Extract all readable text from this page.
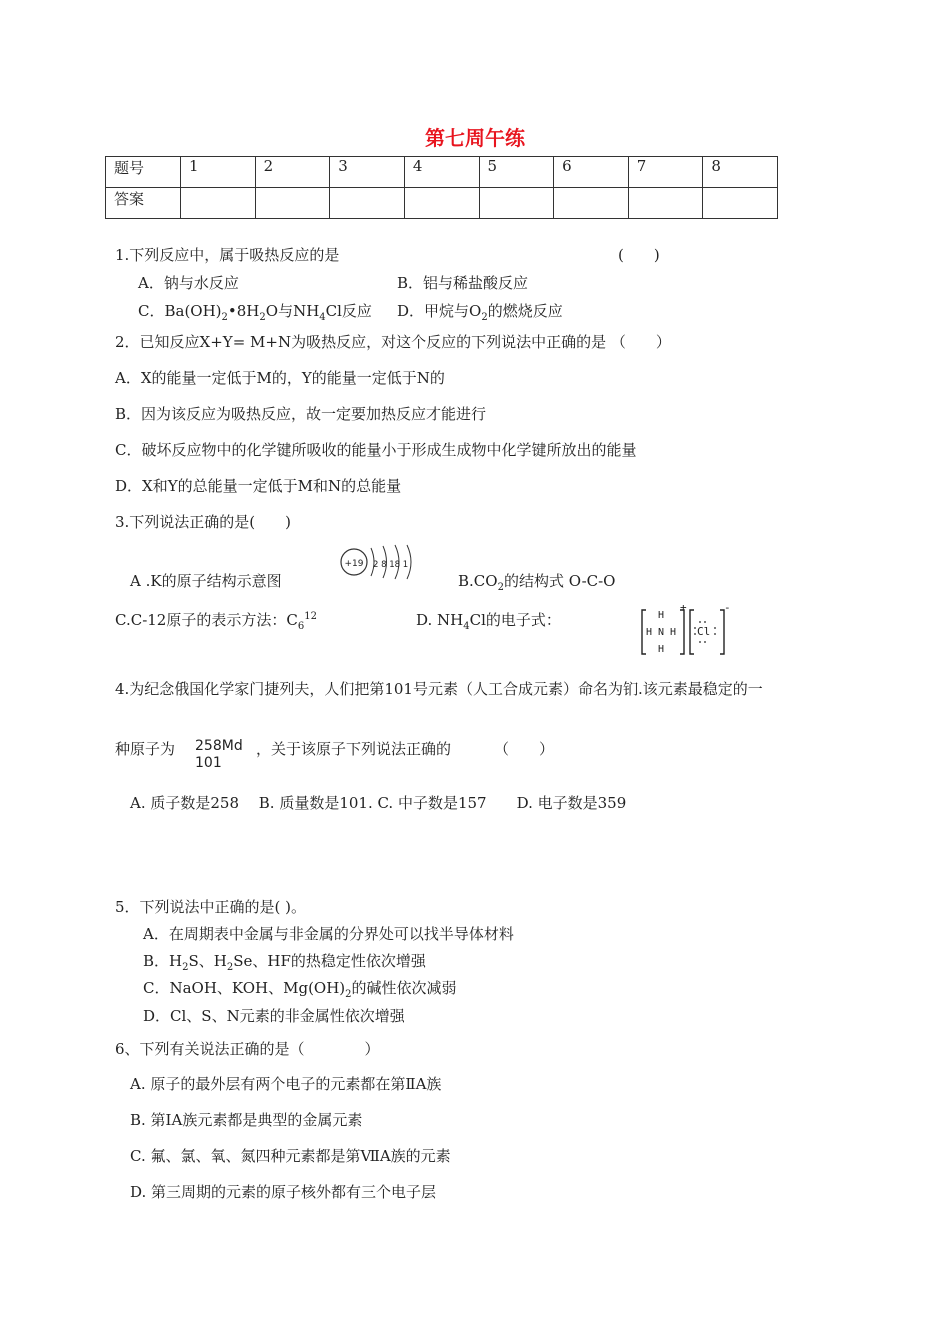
第七周午练
题号	1	2	3	4	5	6	7	8
答案								
1.下列反应中，属于吸热反应的是	(　　)
A．钠与水反应	B．铝与稀盐酸反应
C．$Ba(OH)_2•8H_2O$与$NH_4Cl$反应 D．甲烷与$O_2$的燃烧反应
2．已知反应X+Y= M+N为吸热反应，对这个反应的下列说法中正确的是 （　　）
A．X的能量一定低于M的，Y的能量一定低于N的
B．因为该反应为吸热反应，故一定要加热反应才能进行
C．破坏反应物中的化学键所吸收的能量小于形成生成物中化学键所放出的能量
D．X和Y的总能量一定低于M和N的总能量
3.下列说法正确的是(　　)
A .K的原子结构示意图
+19 2 8 18 1
$B.CO_2$的结构式 O-C-O
C.C-12原子的表示方法：$C_6^{12}$	D. $NH_4Cl$的电子式：	H
H N H
H
+
Cl
-
4.为纪念俄国化学家门捷列夫，人们把第101号元素（人工合成元素）命名为钔.该元素最稳定的一
种原子为 258Md
101
，关于该原子下列说法正确的	（　　）
A. 质子数是258　 B. 质量数是101. C. 中子数是157　　D. 电子数是359
5．下列说法中正确的是( )。
A．在周期表中金属与非金属的分界处可以找半导体材料
B．$H_2S$、$H_2Se$、HF的热稳定性依次增强
C．NaOH、KOH、$Mg(OH)_2$的碱性依次减弱
D．Cl、S、N元素的非金属性依次增强
6、下列有关说法正确的是（　　　　）
A. 原子的最外层有两个电子的元素都在第ⅡA族
B. 第ⅠA族元素都是典型的金属元素
C. 氟、氯、氧、氮四种元素都是第ⅦA族的元素
D. 第三周期的元素的原子核外都有三个电子层
